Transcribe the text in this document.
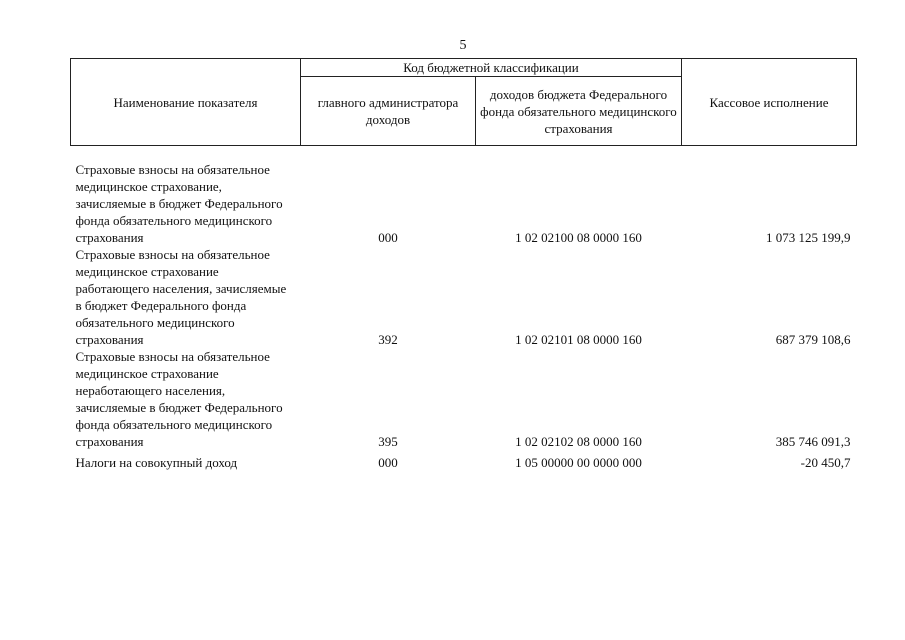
5
Наименование показателя	Код бюджетной классификации		Кассовое исполнение
	главного администратора доходов	доходов бюджета Федерального фонда обязательного медицинского страхования	
Страховые взносы на обязательное медицинское страхование, зачисляемые в бюджет Федерального фонда обязательного медицинского страхования	000	1 02 02100 08 0000 160	1 073 125 199,9
Страховые взносы на обязательное медицинское страхование работающего населения, зачисляемые в бюджет Федерального фонда обязательного медицинского страхования	392	1 02 02101 08 0000 160	687 379 108,6
Страховые взносы на обязательное медицинское страхование неработающего населения, зачисляемые в бюджет Федерального фонда обязательного медицинского страхования	395	1 02 02102 08 0000 160	385 746 091,3

Налоги на совокупный доход	000	1 05 00000 00 0000 000	-20 450,7
